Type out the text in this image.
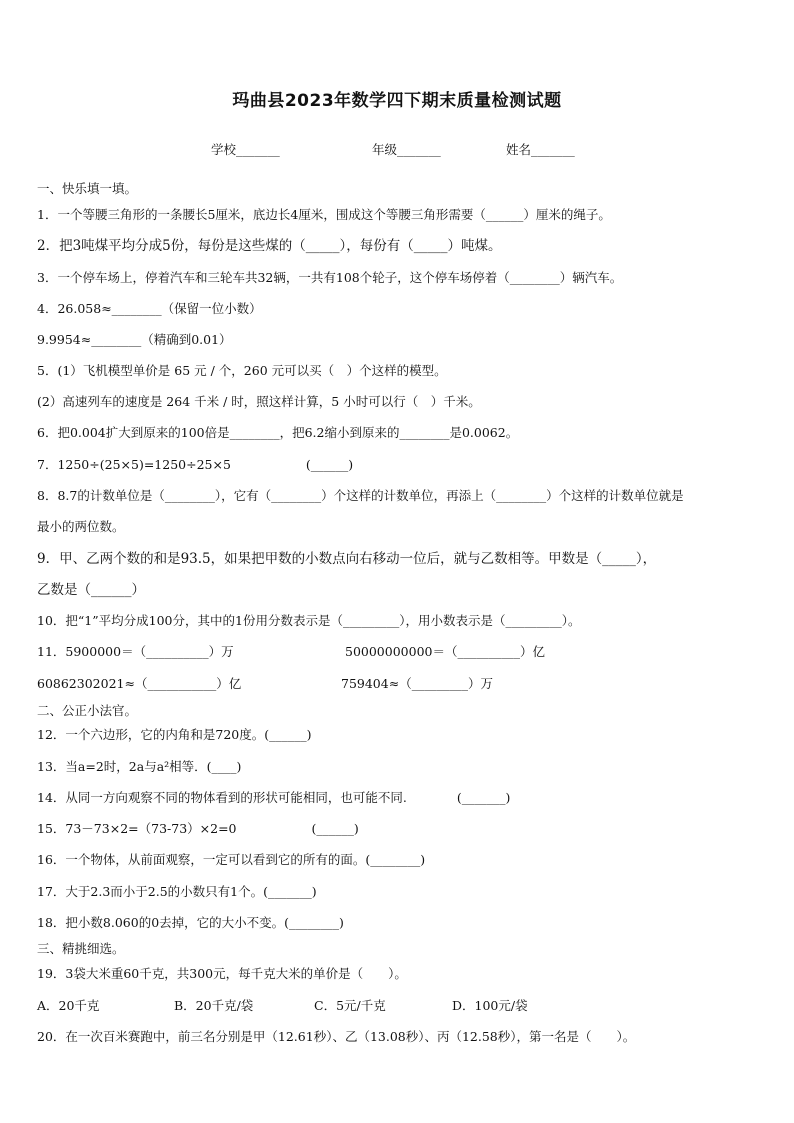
玛曲县2023年数学四下期末质量检测试题
学校_______	年级_______	姓名_______
一、快乐填一填。
1．一个等腰三角形的一条腰长5厘米，底边长4厘米，围成这个等腰三角形需要（______）厘米的绳子。
2．把3吨煤平均分成5份，每份是这些煤的（_____），每份有（_____）吨煤。
3．一个停车场上，停着汽车和三轮车共32辆，一共有108个轮子，这个停车场停着（________）辆汽车。
4．26.058≈________（保留一位小数）
9.9954≈________（精确到0.01）
5．(1）飞机模型单价是 65 元 / 个，260 元可以买（　）个这样的模型。
(2）高速列车的速度是 264 千米 / 时，照这样计算，5 小时可以行（　）千米。
6．把0.004扩大到原来的100倍是________，把6.2缩小到原来的________是0.0062。
7．1250÷(25×5)=1250÷25×5　　　　　　(______)
8．8.7的计数单位是（________），它有（________）个这样的计数单位，再添上（________）个这样的计数单位就是
最小的两位数。
9．甲、乙两个数的和是93.5，如果把甲数的小数点向右移动一位后，就与乙数相等。甲数是（_____），
乙数是（______）
10．把“1”平均分成100分，其中的1份用分数表示是（_________），用小数表示是（_________）。
11．5900000＝（__________）万	50000000000＝（__________）亿
60862302021≈（___________）亿	759404≈（_________）万
二、公正小法官。
12．一个六边形，它的内角和是720度。(______)
13．当a=2时，2a与a²相等．(____)
14．从同一方向观察不同的物体看到的形状可能相同，也可能不同.　　　　(_______)
15．73－73×2=（73-73）×2=0　　　　　　(______)
16．一个物体，从前面观察，一定可以看到它的所有的面。(________)
17．大于2.3而小于2.5的小数只有1个。(_______)
18．把小数8.060的0去掉，它的大小不变。(________)
三、精挑细选。
19．3袋大米重60千克，共300元，每千克大米的单价是（　　）。
A．20千克	B．20千克/袋	C．5元/千克	D．100元/袋
20．在一次百米赛跑中，前三名分别是甲（12.61秒）、乙（13.08秒）、丙（12.58秒），第一名是（　　）。
